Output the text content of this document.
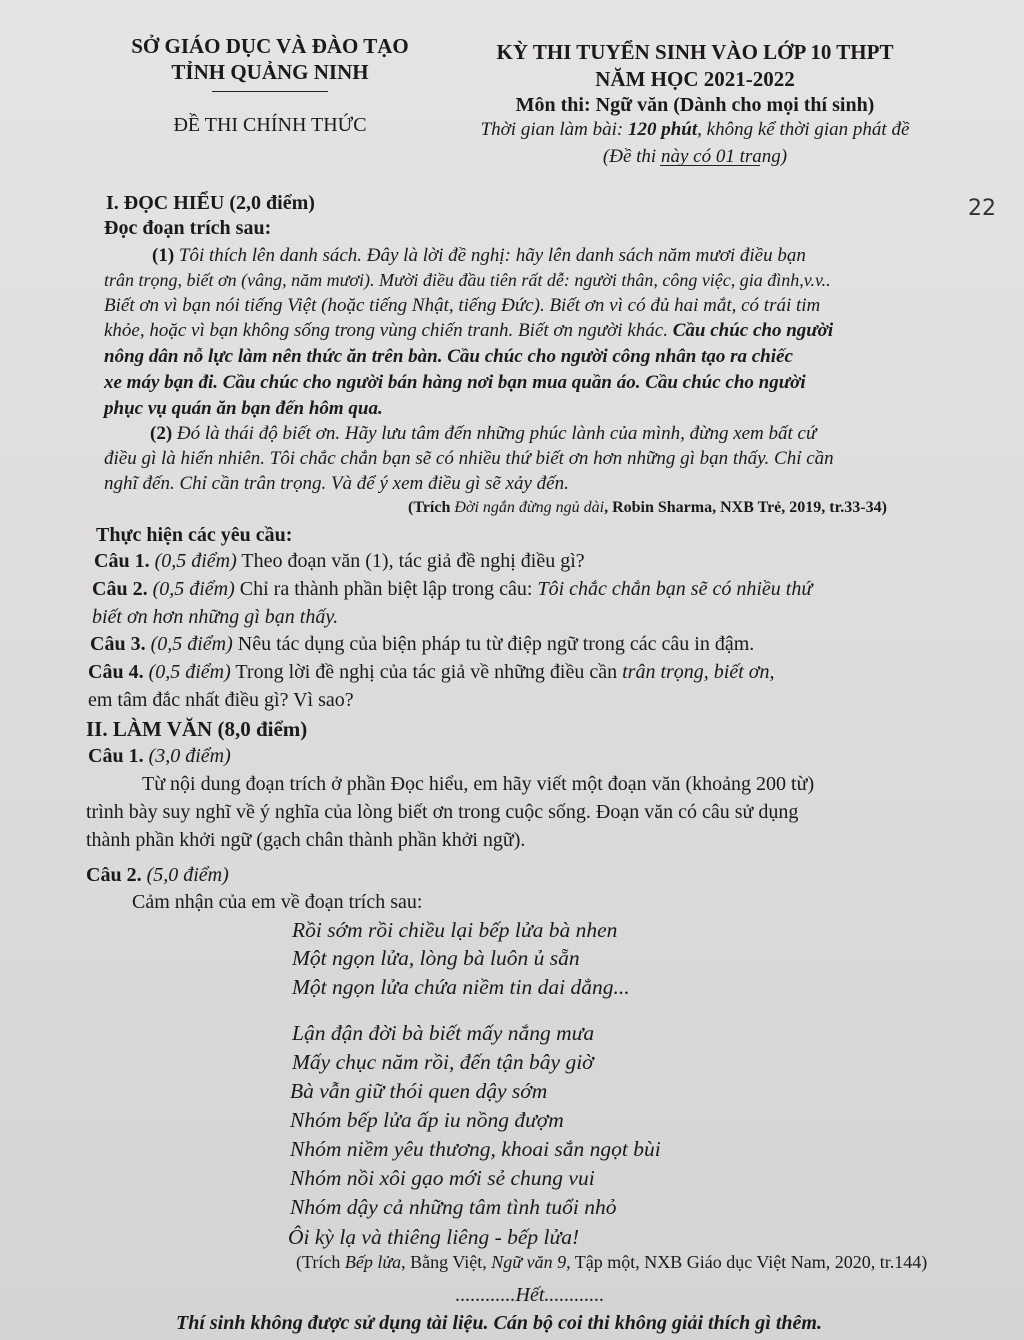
SỞ GIÁO DỤC VÀ ĐÀO TẠO
TỈNH QUẢNG NINH
ĐỀ THI CHÍNH THỨC
KỲ THI TUYỂN SINH VÀO LỚP 10 THPT
NĂM HỌC 2021-2022
Môn thi: Ngữ văn (Dành cho mọi thí sinh)
Thời gian làm bài: 120 phút, không kể thời gian phát đề
(Đề thi này có 01 trang)
22
I. ĐỌC HIỂU (2,0 điểm)
Đọc đoạn trích sau:
(1) Tôi thích lên danh sách. Đây là lời đề nghị: hãy lên danh sách năm mươi điều bạn
trân trọng, biết ơn (vâng, năm mươi). Mười điều đầu tiên rất dễ: người thân, công việc, gia đình,v.v..
Biết ơn vì bạn nói tiếng Việt (hoặc tiếng Nhật, tiếng Đức). Biết ơn vì có đủ hai mắt, có trái tim
khỏe, hoặc vì bạn không sống trong vùng chiến tranh. Biết ơn người khác. Cầu chúc cho người
nông dân nỗ lực làm nên thức ăn trên bàn. Cầu chúc cho người công nhân tạo ra chiếc
xe máy bạn đi. Cầu chúc cho người bán hàng nơi bạn mua quần áo. Cầu chúc cho người
phục vụ quán ăn bạn đến hôm qua.
(2) Đó là thái độ biết ơn. Hãy lưu tâm đến những phúc lành của mình, đừng xem bất cứ
điều gì là hiển nhiên. Tôi chắc chắn bạn sẽ có nhiều thứ biết ơn hơn những gì bạn thấy. Chỉ cần
nghĩ đến. Chỉ cần trân trọng. Và để ý xem điều gì sẽ xảy đến.
(Trích Đời ngắn đừng ngủ dài, Robin Sharma, NXB Trẻ, 2019, tr.33-34)
Thực hiện các yêu cầu:
Câu 1. (0,5 điểm) Theo đoạn văn (1), tác giả đề nghị điều gì?
Câu 2. (0,5 điểm) Chỉ ra thành phần biệt lập trong câu: Tôi chắc chắn bạn sẽ có nhiều thứ
biết ơn hơn những gì bạn thấy.
Câu 3. (0,5 điểm) Nêu tác dụng của biện pháp tu từ điệp ngữ trong các câu in đậm.
Câu 4. (0,5 điểm) Trong lời đề nghị của tác giả về những điều cần trân trọng, biết ơn,
em tâm đắc nhất điều gì? Vì sao?
II. LÀM VĂN (8,0 điểm)
Câu 1. (3,0 điểm)
Từ nội dung đoạn trích ở phần Đọc hiểu, em hãy viết một đoạn văn (khoảng 200 từ)
trình bày suy nghĩ về ý nghĩa của lòng biết ơn trong cuộc sống. Đoạn văn có câu sử dụng
thành phần khởi ngữ (gạch chân thành phần khởi ngữ).
Câu 2. (5,0 điểm)
Cảm nhận của em về đoạn trích sau:
Rồi sớm rồi chiều lại bếp lửa bà nhen
Một ngọn lửa, lòng bà luôn ủ sẵn
Một ngọn lửa chứa niềm tin dai dẳng...
Lận đận đời bà biết mấy nắng mưa
Mấy chục năm rồi, đến tận bây giờ
Bà vẫn giữ thói quen dậy sớm
Nhóm bếp lửa ấp iu nồng đượm
Nhóm niềm yêu thương, khoai sắn ngọt bùi
Nhóm nồi xôi gạo mới sẻ chung vui
Nhóm dậy cả những tâm tình tuổi nhỏ
Ôi kỳ lạ và thiêng liêng - bếp lửa!
(Trích Bếp lửa, Bằng Việt, Ngữ văn 9, Tập một, NXB Giáo dục Việt Nam, 2020, tr.144)
............Hết............
Thí sinh không được sử dụng tài liệu. Cán bộ coi thi không giải thích gì thêm.
